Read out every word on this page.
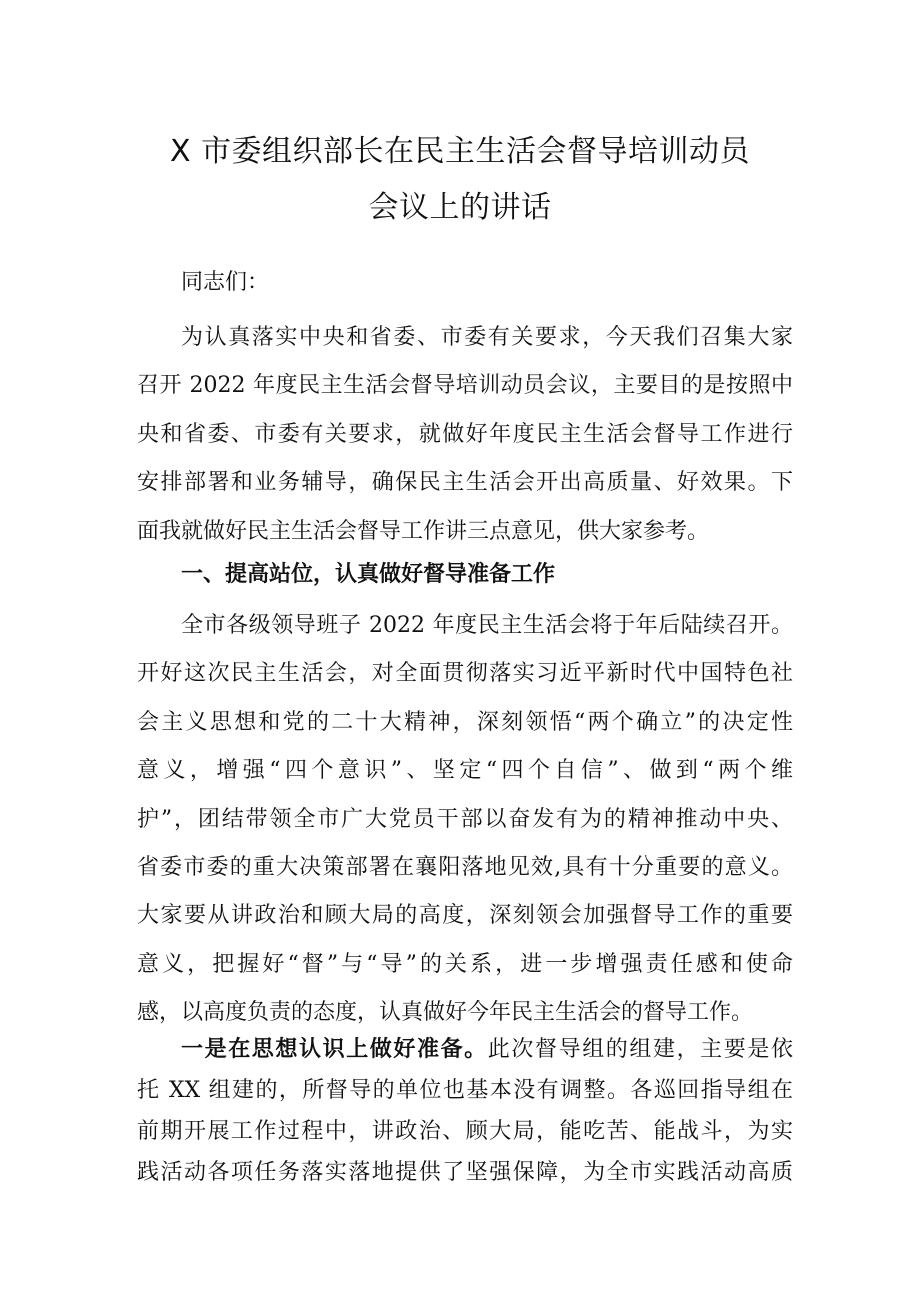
X 市委组织部长在民主生活会督导培训动员
会议上的讲话

同志们：

为认真落实中央和省委、市委有关要求，今天我们召集大家
召开 2022 年度民主生活会督导培训动员会议，主要目的是按照中
央和省委、市委有关要求，就做好年度民主生活会督导工作进行
安排部署和业务辅导，确保民主生活会开出高质量、好效果。下
面我就做好民主生活会督导工作讲三点意见，供大家参考。
一、提高站位，认真做好督导准备工作
全市各级领导班子 2022 年度民主生活会将于年后陆续召开。
开好这次民主生活会，对全面贯彻落实习近平新时代中国特色社
会主义思想和党的二十大精神，深刻领悟“两个确立”的决定性
意义，增强“四个意识”、坚定“四个自信”、做到“两个维
护”，团结带领全市广大党员干部以奋发有为的精神推动中央、
省委市委的重大决策部署在襄阳落地见效,具有十分重要的意义。
大家要从讲政治和顾大局的高度，深刻领会加强督导工作的重要
意义，把握好“督”与“导”的关系，进一步增强责任感和使命
感，以高度负责的态度，认真做好今年民主生活会的督导工作。
一是在思想认识上做好准备。此次督导组的组建，主要是依
托 XX 组建的，所督导的单位也基本没有调整。各巡回指导组在
前期开展工作过程中，讲政治、顾大局，能吃苦、能战斗，为实
践活动各项任务落实落地提供了坚强保障，为全市实践活动高质
